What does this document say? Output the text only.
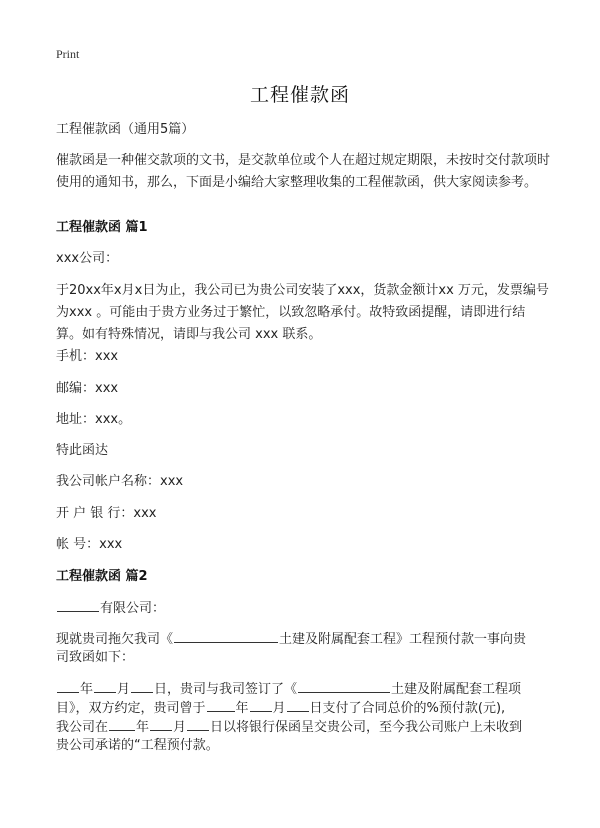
Print
工程催款函
工程催款函（通用5篇）
催款函是一种催交款项的文书，是交款单位或个人在超过规定期限，未按时交付款项时使用的通知书，那么，下面是小编给大家整理收集的工程催款函，供大家阅读参考。
工程催款函 篇1
xxx公司：
于20xx年x月x日为止，我公司已为贵公司安装了xxx，货款金额计xx 万元，发票编号为xxx 。可能由于贵方业务过于繁忙，以致忽略承付。故特致函提醒，请即进行结算。如有特殊情况，请即与我公司 xxx 联系。
手机：xxx
邮编：xxx
地址：xxx。
特此函达
我公司帐户名称：xxx
开 户 银 行：xxx
帐 号：xxx
工程催款函 篇2
有限公司：
现就贵司拖欠我司《	土建及附属配套工程》工程预付款一事向贵
司致函如下：
年 月 日，贵司与我司签订了《	土建及附属配套工程项
目》，双方约定，贵司曾于 年 月 日支付了合同总价的%预付款(元),
我公司在 年 月 日以将银行保函呈交贵公司，至今我公司账户上未收到
贵公司承诺的“工程预付款。
